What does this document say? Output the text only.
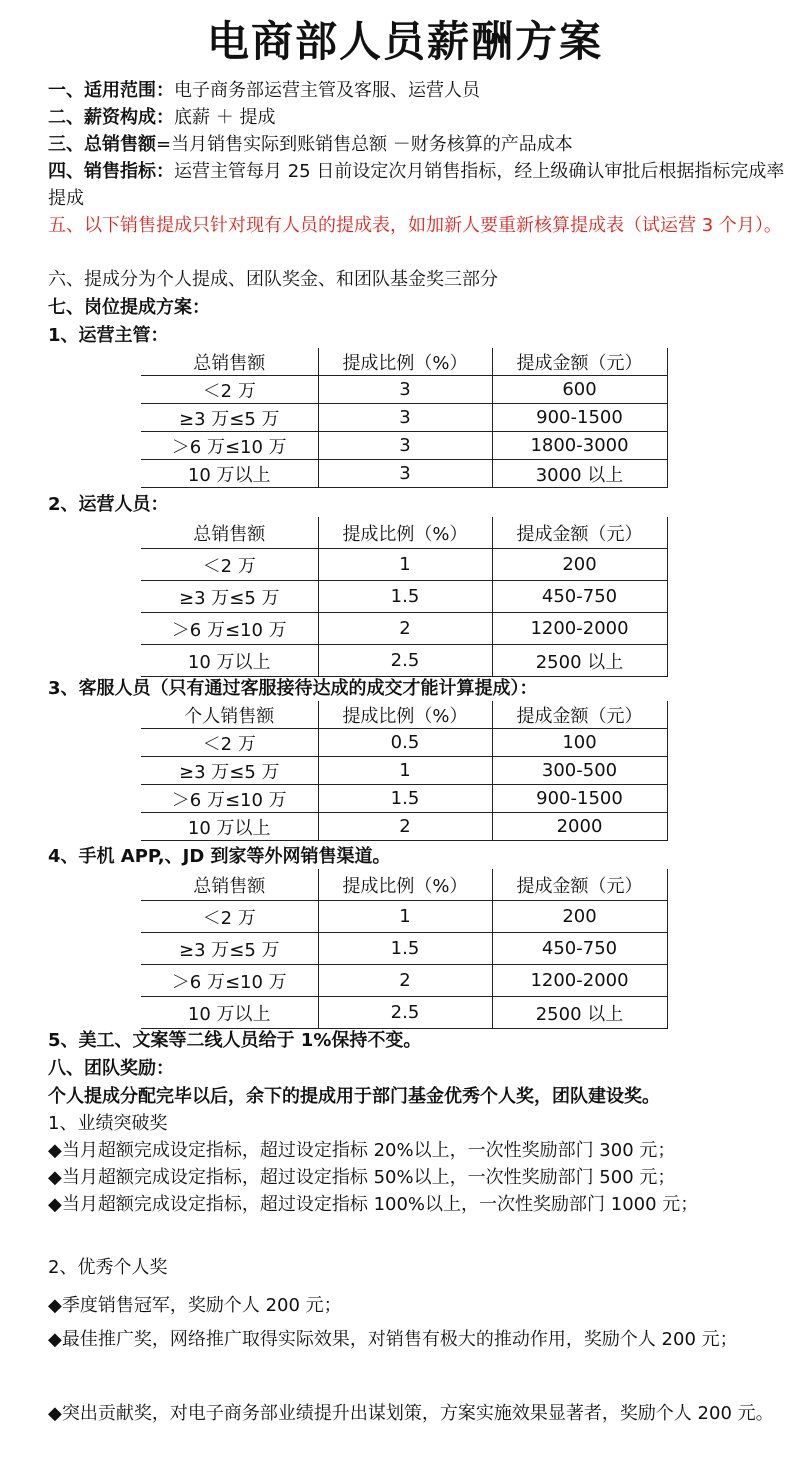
电商部人员薪酬方案
一、适用范围：电子商务部运营主管及客服、运营人员
二、薪资构成：底薪 ＋ 提成
三、总销售额=当月销售实际到账销售总额 －财务核算的产品成本
四、销售指标：运营主管每月 25 日前设定次月销售指标，经上级确认审批后根据指标完成率提成
五、以下销售提成只针对现有人员的提成表，如加新人要重新核算提成表（试运营 3 个月）。
六、提成分为个人提成、团队奖金、和团队基金奖三部分
七、岗位提成方案：
1、运营主管：
总销售额	提成比例（%）	提成金额（元）
＜2 万	3	600
≥3 万≤5 万	3	900-1500
＞6 万≤10 万	3	1800-3000
10 万以上	3	3000 以上
2、运营人员：
总销售额	提成比例（%）	提成金额（元）
＜2 万	1	200
≥3 万≤5 万	1.5	450-750
＞6 万≤10 万	2	1200-2000
10 万以上	2.5	2500 以上
3、客服人员（只有通过客服接待达成的成交才能计算提成）：
个人销售额	提成比例（%）	提成金额（元）
＜2 万	0.5	100
≥3 万≤5 万	1	300-500
＞6 万≤10 万	1.5	900-1500
10 万以上	2	2000
4、手机 APP,、JD 到家等外网销售渠道。
总销售额	提成比例（%）	提成金额（元）
＜2 万	1	200
≥3 万≤5 万	1.5	450-750
＞6 万≤10 万	2	1200-2000
10 万以上	2.5	2500 以上
5、美工、文案等二线人员给于 1%保持不变。
八、团队奖励：
个人提成分配完毕以后，余下的提成用于部门基金优秀个人奖，团队建设奖。
1、业绩突破奖
◆当月超额完成设定指标，超过设定指标 20%以上，一次性奖励部门 300 元；
◆当月超额完成设定指标，超过设定指标 50%以上，一次性奖励部门 500 元；
◆当月超额完成设定指标，超过设定指标 100%以上，一次性奖励部门 1000 元；
2、优秀个人奖
◆季度销售冠军，奖励个人 200 元；
◆最佳推广奖，网络推广取得实际效果，对销售有极大的推动作用，奖励个人 200 元；
◆突出贡献奖，对电子商务部业绩提升出谋划策，方案实施效果显著者，奖励个人 200 元。
